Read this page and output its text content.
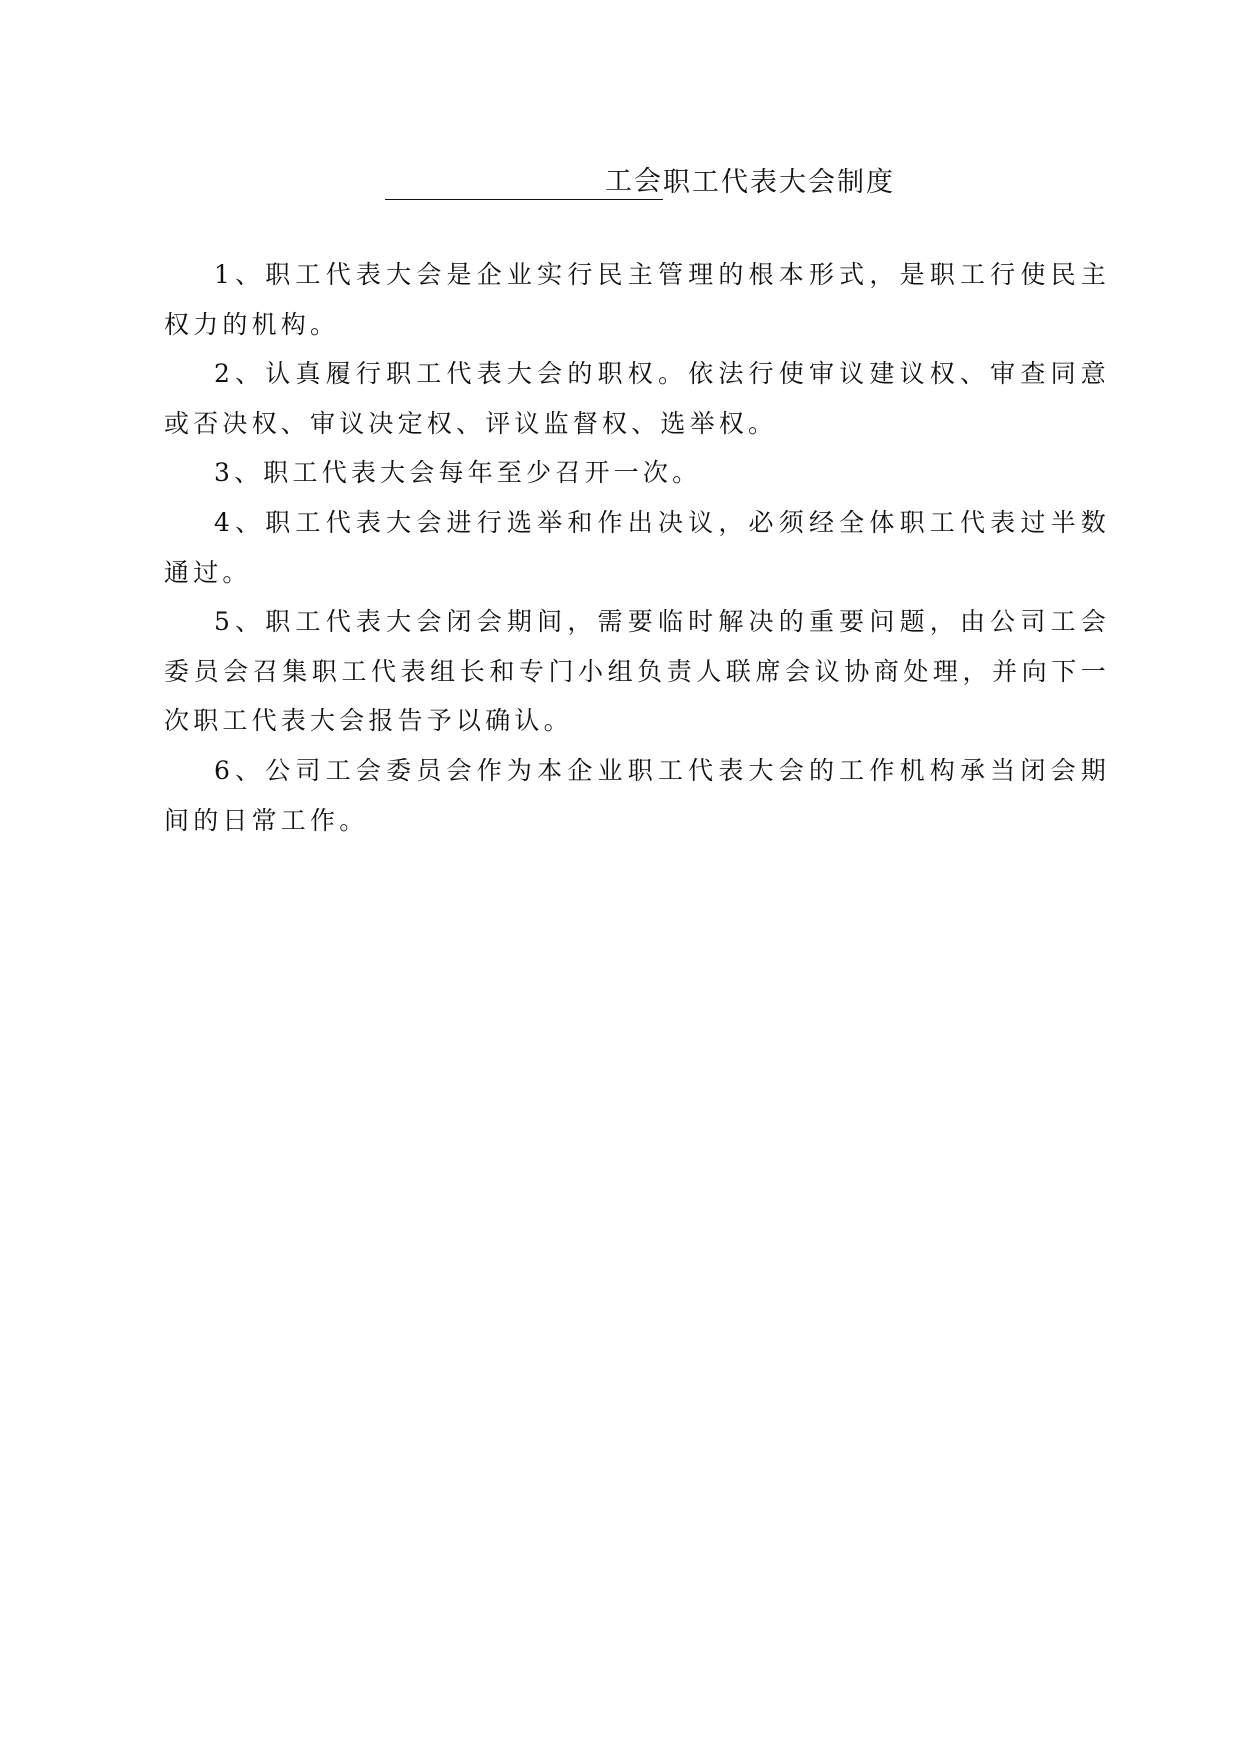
工会 职工代表大会制度

1、职工代表大会是企业实行民主管理的根本形式，是职工行使民主权力的机构。

2、认真履行职工代表大会的职权。依法行使审议建议权、审查同意或否决权、审议决定权、评议监督权、选举权。

3、职工代表大会每年至少召开一次。

4、职工代表大会进行选举和作出决议，必须经全体职工代表过半数通过。

5、职工代表大会闭会期间，需要临时解决的重要问题，由公司工会委员会召集职工代表组长和专门小组负责人联席会议协商处理，并向下一次职工代表大会报告予以确认。

6、公司工会委员会作为本企业职工代表大会的工作机构承当闭会期间的日常工作。
